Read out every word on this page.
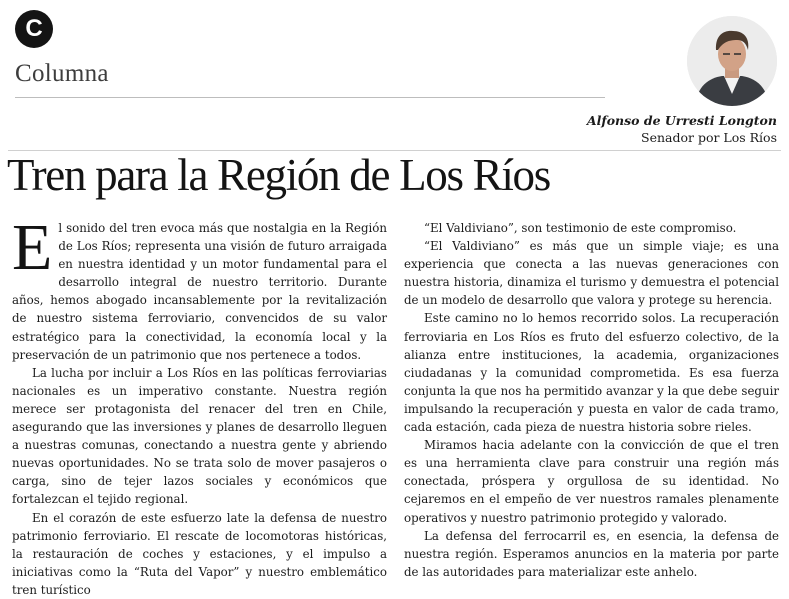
C
Columna
Alfonso de Urresti Longton
Senador por Los Ríos
Tren para la Región de Los Ríos

El sonido del tren evoca más que nostalgia en la Región de Los Ríos; representa una visión de futuro arraigada en nuestra identidad y un motor fundamental para el desarrollo integral de nuestro territorio. Durante años, hemos abogado incansablemente por la revitalización de nuestro sistema ferroviario, convencidos de su valor estratégico para la conectividad, la economía local y la preservación de un patrimonio que nos pertenece a todos.

La lucha por incluir a Los Ríos en las políticas ferroviarias nacionales es un imperativo constante. Nuestra región merece ser protagonista del renacer del tren en Chile, asegurando que las inversiones y planes de desarrollo lleguen a nuestras comunas, conectando a nuestra gente y abriendo nuevas oportunidades. No se trata solo de mover pasajeros o carga, sino de tejer lazos sociales y económicos que fortalezcan el tejido regional.

En el corazón de este esfuerzo late la defensa de nuestro patrimonio ferroviario. El rescate de locomotoras históricas, la restauración de coches y estaciones, y el impulso a iniciativas como la “Ruta del Vapor” y nuestro emblemático tren turístico

“El Valdiviano”, son testimonio de este compromiso.

“El Valdiviano” es más que un simple viaje; es una experiencia que conecta a las nuevas generaciones con nuestra historia, dinamiza el turismo y demuestra el potencial de un modelo de desarrollo que valora y protege su herencia.

Este camino no lo hemos recorrido solos. La recuperación ferroviaria en Los Ríos es fruto del esfuerzo colectivo, de la alianza entre instituciones, la academia, organizaciones ciudadanas y la comunidad comprometida. Es esa fuerza conjunta la que nos ha permitido avanzar y la que debe seguir impulsando la recuperación y puesta en valor de cada tramo, cada estación, cada pieza de nuestra historia sobre rieles.

Miramos hacia adelante con la convicción de que el tren es una herramienta clave para construir una región más conectada, próspera y orgullosa de su identidad. No cejaremos en el empeño de ver nuestros ramales plenamente operativos y nuestro patrimonio protegido y valorado.

La defensa del ferrocarril es, en esencia, la defensa de nuestra región. Esperamos anuncios en la materia por parte de las autoridades para materializar este anhelo.
